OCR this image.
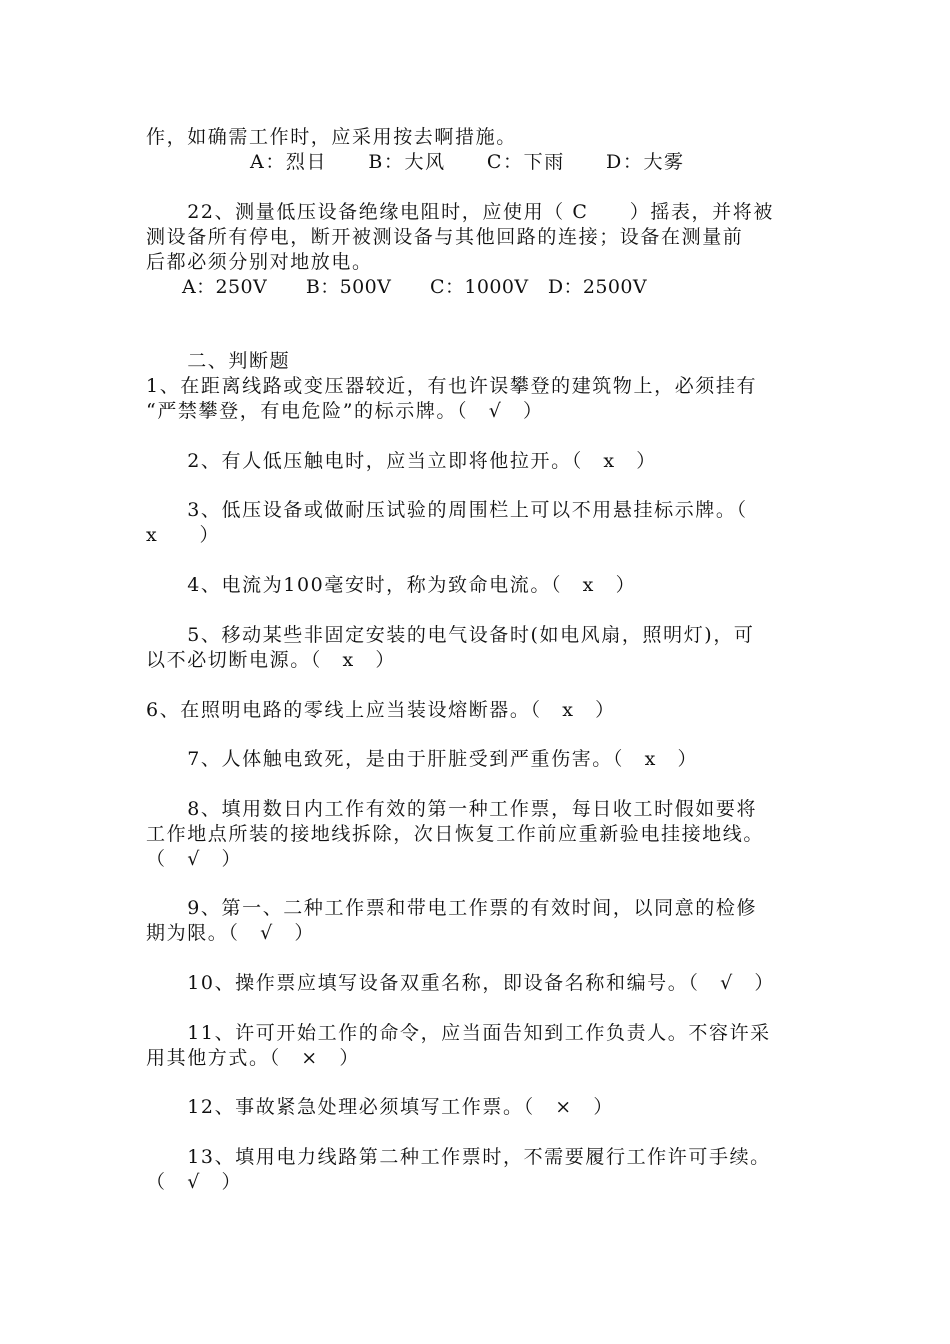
作，如确需工作时，应采用按去啊措施。
A：烈日　　B：大风　　C：下雨　　D：大雾
　　22、测量低压设备绝缘电阻时，应使用（ C　　）摇表，并将被
测设备所有停电，断开被测设备与其他回路的连接；设备在测量前
后都必须分别对地放电。
A：250V　　B：500V　　C：1000V　D：2500V
　　二、判断题
1、在距离线路或变压器较近，有也许误攀登的建筑物上，必须挂有
“严禁攀登，有电危险”的标示牌。（　√　）
　　2、有人低压触电时，应当立即将他拉开。（　x　）
　　3、低压设备或做耐压试验的周围栏上可以不用悬挂标示牌。（
x　　）
　　4、电流为100毫安时，称为致命电流。（　x　）
　　5、移动某些非固定安装的电气设备时(如电风扇，照明灯)，可
以不必切断电源。（　x　）
6、在照明电路的零线上应当装设熔断器。（　x　）
　　7、人体触电致死，是由于肝脏受到严重伤害。（　x　）
　　8、填用数日内工作有效的第一种工作票，每日收工时假如要将
工作地点所装的接地线拆除，次日恢复工作前应重新验电挂接地线。
（　√　）
　　9、第一、二种工作票和带电工作票的有效时间，以同意的检修
期为限。（　√　）
　　10、操作票应填写设备双重名称，即设备名称和编号。（　√　）
　　11、许可开始工作的命令，应当面告知到工作负责人。不容许采
用其他方式。（　×　）
　　12、事故紧急处理必须填写工作票。（　×　）
　　13、填用电力线路第二种工作票时，不需要履行工作许可手续。
（　√　）
